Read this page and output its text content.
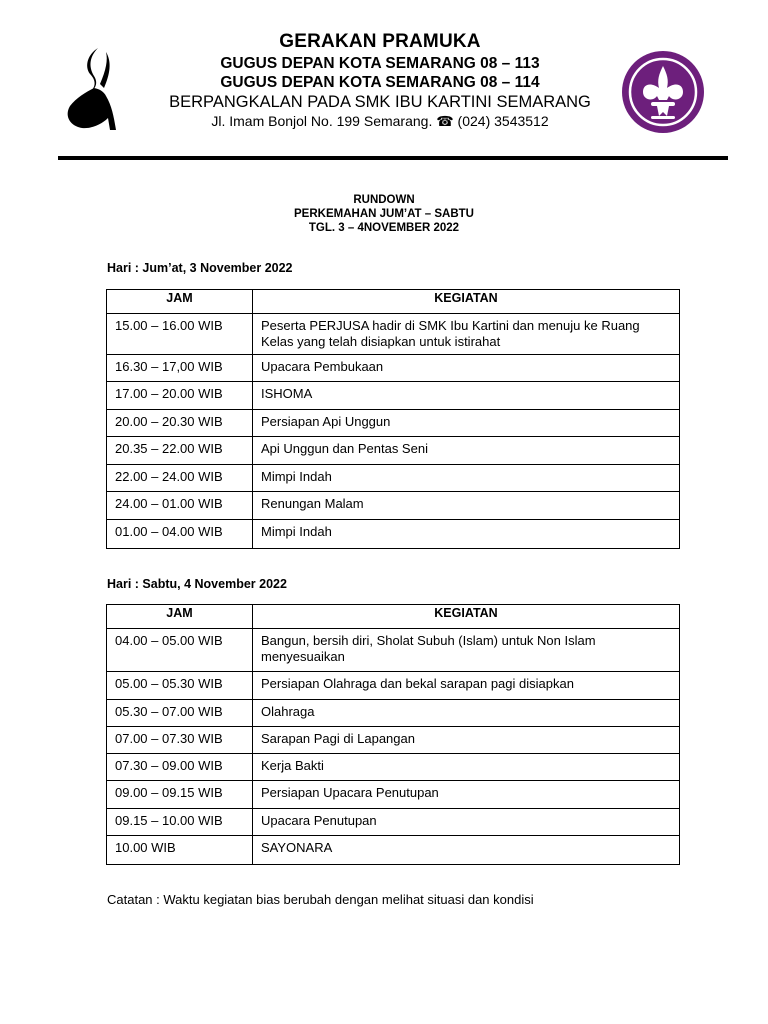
GERAKAN PRAMUKA
GUGUS DEPAN KOTA SEMARANG 08 – 113
GUGUS DEPAN KOTA SEMARANG 08 – 114
BERPANGKALAN PADA SMK IBU KARTINI SEMARANG
Jl. Imam Bonjol No. 199 Semarang. ☎ (024) 3543512
RUNDOWN
PERKEMAHAN JUM’AT – SABTU
TGL. 3 – 4NOVEMBER 2022
Hari : Jum’at, 3 November 2022
JAM	KEGIATAN
15.00 – 16.00 WIB	Peserta PERJUSA hadir di SMK Ibu Kartini dan menuju ke Ruang Kelas yang telah disiapkan untuk istirahat
16.30 – 17,00 WIB	Upacara Pembukaan
17.00 – 20.00 WIB	ISHOMA
20.00 – 20.30 WIB	Persiapan Api Unggun
20.35 – 22.00 WIB	Api Unggun dan Pentas Seni
22.00 – 24.00 WIB	Mimpi Indah
24.00 – 01.00 WIB	Renungan Malam
01.00 – 04.00 WIB	Mimpi Indah
Hari : Sabtu, 4 November 2022
JAM	KEGIATAN
04.00 – 05.00 WIB	Bangun, bersih diri, Sholat Subuh (Islam) untuk Non Islam menyesuaikan
05.00 – 05.30 WIB	Persiapan Olahraga dan bekal sarapan pagi disiapkan
05.30 – 07.00 WIB	Olahraga
07.00 – 07.30 WIB	Sarapan Pagi di Lapangan
07.30 – 09.00 WIB	Kerja Bakti
09.00 – 09.15 WIB	Persiapan Upacara Penutupan
09.15 – 10.00 WIB	Upacara Penutupan
10.00 WIB	SAYONARA
Catatan : Waktu kegiatan bias berubah dengan melihat situasi dan kondisi
